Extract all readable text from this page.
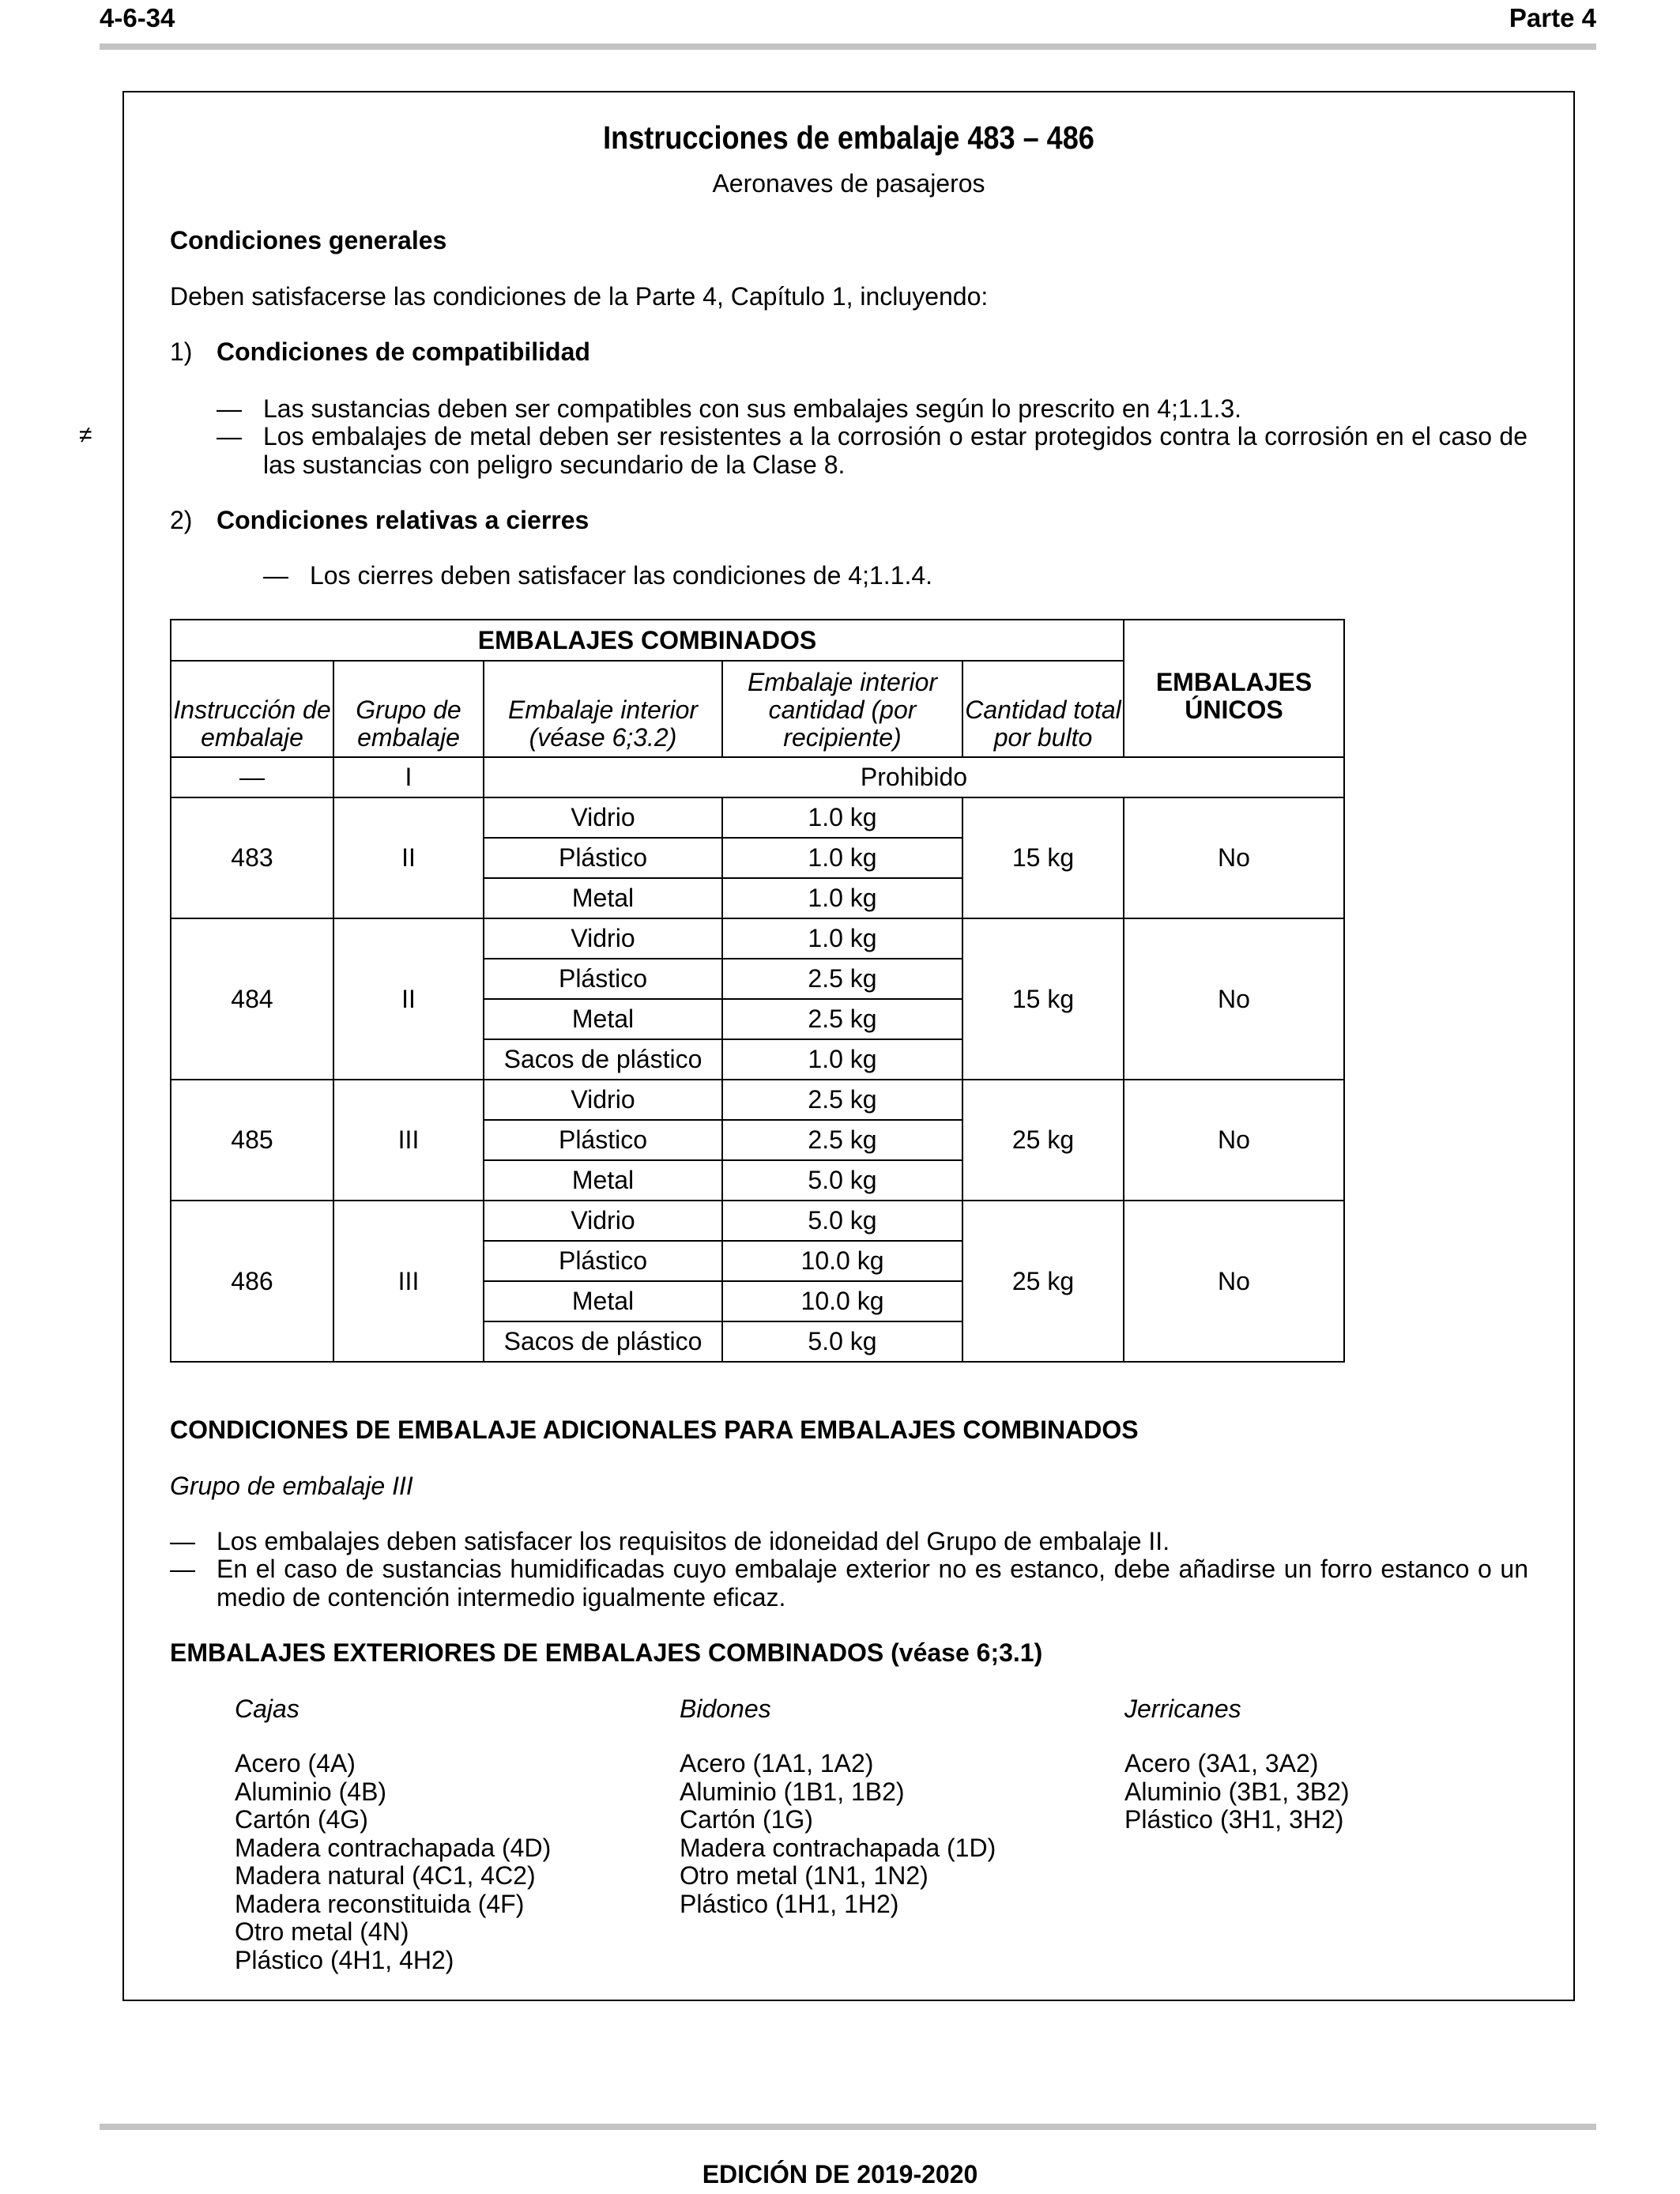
4-6-34	Parte 4
Instrucciones de embalaje 483 – 486
Aeronaves de pasajeros
Condiciones generales
Deben satisfacerse las condiciones de la Parte 4, Capítulo 1, incluyendo:
1) Condiciones de compatibilidad
— Las sustancias deben ser compatibles con sus embalajes según lo prescrito en 4;1.1.3.
≠	— Los embalajes de metal deben ser resistentes a la corrosión o estar protegidos contra la corrosión en el caso de las sustancias con peligro secundario de la Clase 8.
2) Condiciones relativas a cierres
— Los cierres deben satisfacer las condiciones de 4;1.1.4.
EMBALAJES COMBINADOS					EMBALAJES ÚNICOS
Instrucción de embalaje	Grupo de embalaje	Embalaje interior (véase 6;3.2)	Embalaje interior cantidad (por recipiente)	Cantidad total por bulto	
—	I	Prohibido			
483	II	Vidrio	1.0 kg	15 kg	No
		Plástico	1.0 kg		
		Metal	1.0 kg		
484	II	Vidrio	1.0 kg	15 kg	No
		Plástico	2.5 kg		
		Metal	2.5 kg		
		Sacos de plástico	1.0 kg		
485	III	Vidrio	2.5 kg	25 kg	No
		Plástico	2.5 kg		
		Metal	5.0 kg		
486	III	Vidrio	5.0 kg	25 kg	No
		Plástico	10.0 kg		
		Metal	10.0 kg		
		Sacos de plástico	5.0 kg		
CONDICIONES DE EMBALAJE ADICIONALES PARA EMBALAJES COMBINADOS
Grupo de embalaje III
— Los embalajes deben satisfacer los requisitos de idoneidad del Grupo de embalaje II.
— En el caso de sustancias humidificadas cuyo embalaje exterior no es estanco, debe añadirse un forro estanco o un medio de contención intermedio igualmente eficaz.
EMBALAJES EXTERIORES DE EMBALAJES COMBINADOS (véase 6;3.1)
Cajas	Bidones	Jerricanes
Acero (4A)
Aluminio (4B)
Cartón (4G)
Madera contrachapada (4D)
Madera natural (4C1, 4C2)
Madera reconstituida (4F)
Otro metal (4N)
Plástico (4H1, 4H2)
Acero (1A1, 1A2)
Aluminio (1B1, 1B2)
Cartón (1G)
Madera contrachapada (1D)
Otro metal (1N1, 1N2)
Plástico (1H1, 1H2)
Acero (3A1, 3A2)
Aluminio (3B1, 3B2)
Plástico (3H1, 3H2)
EDICIÓN DE 2019-2020
